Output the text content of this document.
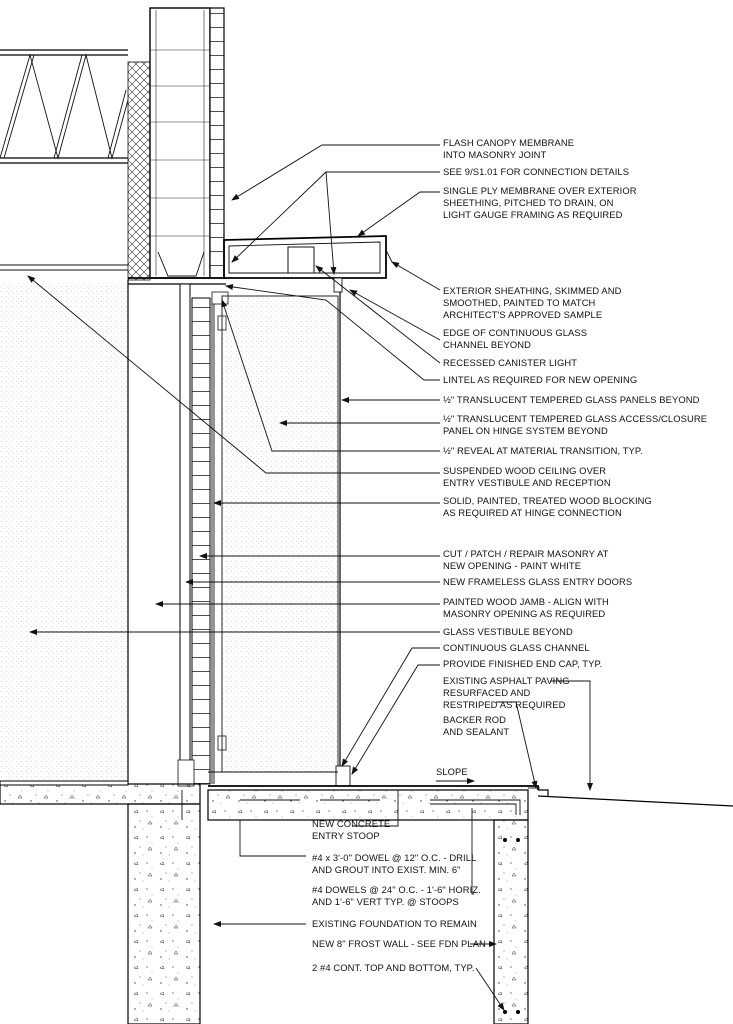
FLASH CANOPY MEMBRANE INTO MASONRY JOINT
SEE 9/S1.01 FOR CONNECTION DETAILS
SINGLE PLY MEMBRANE OVER EXTERIOR SHEETHING, PITCHED TO DRAIN, ON LIGHT GAUGE FRAMING AS REQUIRED
EXTERIOR SHEATHING, SKIMMED AND SMOOTHED, PAINTED TO MATCH ARCHITECT'S APPROVED SAMPLE
EDGE OF CONTINUOUS GLASS CHANNEL BEYOND
RECESSED CANISTER LIGHT
LINTEL AS REQUIRED FOR NEW OPENING
½" TRANSLUCENT TEMPERED GLASS PANELS BEYOND
½" TRANSLUCENT TEMPERED GLASS ACCESS/CLOSURE PANEL ON HINGE SYSTEM BEYOND
½" REVEAL AT MATERIAL TRANSITION, TYP.
SUSPENDED WOOD CEILING OVER ENTRY VESTIBULE AND RECEPTION
SOLID, PAINTED, TREATED WOOD BLOCKING AS REQUIRED AT HINGE CONNECTION
CUT / PATCH / REPAIR MASONRY AT NEW OPENING - PAINT WHITE
NEW FRAMELESS GLASS ENTRY DOORS
PAINTED WOOD JAMB - ALIGN WITH MASONRY OPENING AS REQUIRED
GLASS VESTIBULE BEYOND
CONTINUOUS GLASS CHANNEL
PROVIDE FINISHED END CAP, TYP.
EXISTING ASPHALT PAVING RESURFACED AND RESTRIPED AS REQUIRED
BACKER ROD AND SEALANT
SLOPE
NEW CONCRETE ENTRY STOOP
#4 x 3'-0" DOWEL @ 12" O.C. - DRILL AND GROUT INTO EXIST. MIN. 6"
#4 DOWELS @ 24" O.C. - 1'-6" HORIZ. AND 1'-6" VERT TYP. @ STOOPS
EXISTING FOUNDATION TO REMAIN
NEW 8" FROST WALL - SEE FDN PLAN
2 #4 CONT. TOP AND BOTTOM, TYP.
